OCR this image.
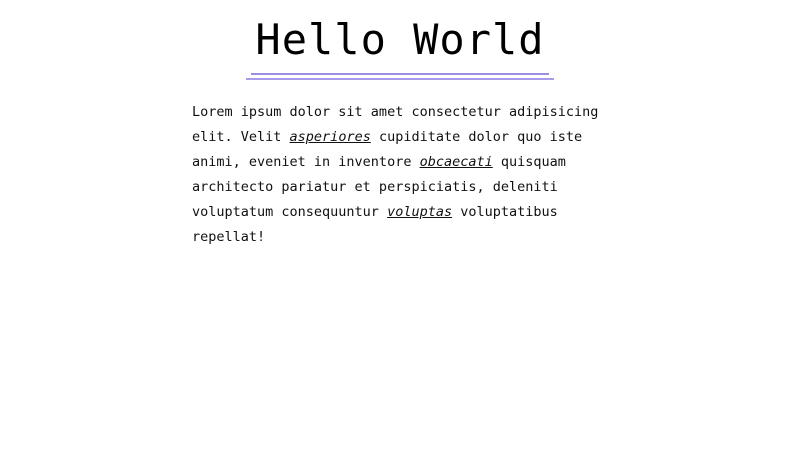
Hello World

Lorem ipsum dolor sit amet consectetur adipisicing elit. Velit asperiores cupiditate dolor quo iste animi, eveniet in inventore obcaecati quisquam architecto pariatur et perspiciatis, deleniti voluptatum consequuntur voluptas voluptatibus repellat!
